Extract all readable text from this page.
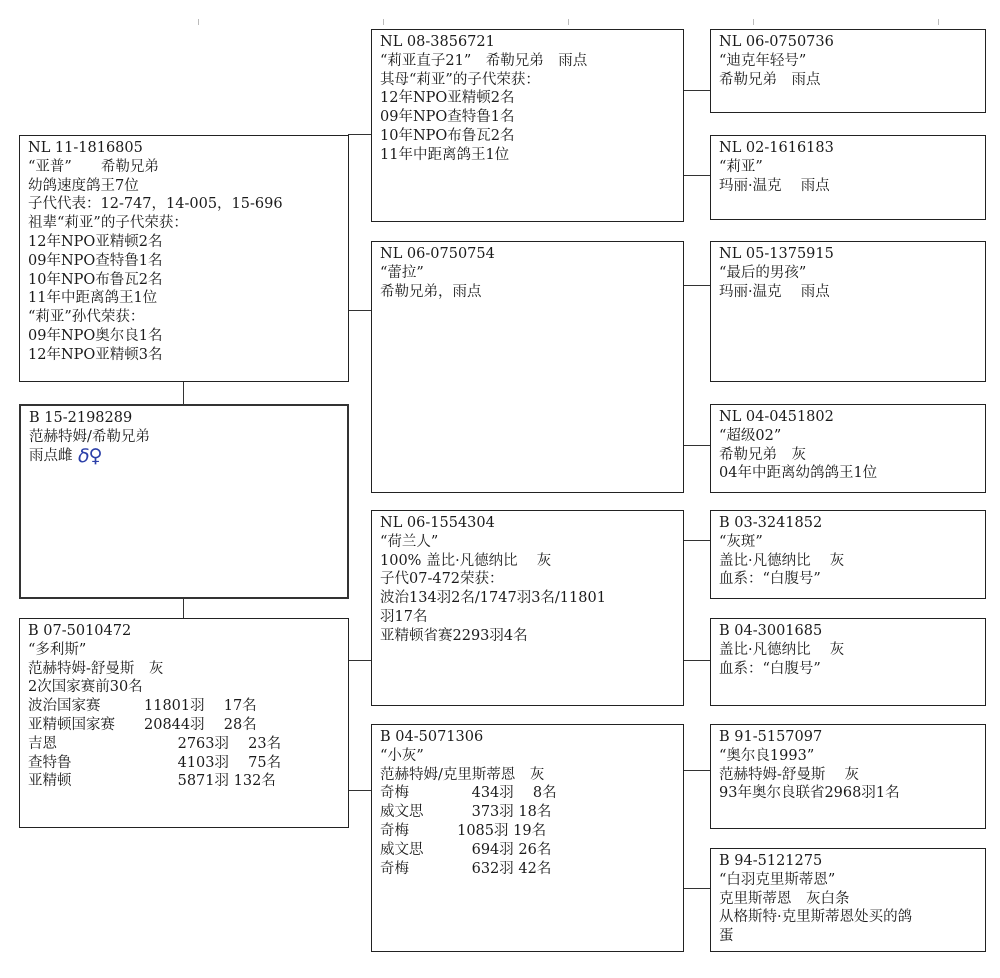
NL 11-1816805
“亚普”　　希勒兄弟
幼鸽速度鸽王7位
子代代表：12-747，14-005，15-696
祖辈“莉亚”的子代荣获：
12年NPO亚精顿2名
09年NPO查特鲁1名
10年NPO布鲁瓦2名
11年中距离鸽王1位
“莉亚”孙代荣获：
09年NPO奥尔良1名
12年NPO亚精顿3名
B 15-2198289
范赫特姆/希勒兄弟
雨点雌
B 07-5010472
“多利斯”
范赫特姆-舒曼斯　灰
2次国家赛前30名
波治国家赛　　　11801羽　 17名
亚精顿国家赛　　20844羽　 28名
吉恩　　　　　　　　 2763羽　 23名
查特鲁　　　　　　　 4103羽　 75名
亚精顿　　　　　　　 5871羽 132名
NL 08-3856721
“莉亚直子21”　希勒兄弟　雨点
其母“莉亚”的子代荣获：
12年NPO亚精顿2名
09年NPO查特鲁1名
10年NPO布鲁瓦2名
11年中距离鸽王1位
NL 06-0750754
“蕾拉”
希勒兄弟，雨点
NL 06-1554304
“荷兰人”
100% 盖比·凡德纳比　 灰
子代07-472荣获：
波治134羽2名/1747羽3名/11801
羽17名
亚精顿省赛2293羽4名
B 04-5071306
“小灰”
范赫特姆/克里斯蒂恩　灰
奇梅　　　　 434羽　 8名
威文思　　　 373羽 18名
奇梅　　　 1085羽 19名
威文思　　　 694羽 26名
奇梅　　　　 632羽 42名
NL 06-0750736
“迪克年轻号”
希勒兄弟　雨点
NL 02-1616183
“莉亚”
玛丽·温克　 雨点
NL 05-1375915
“最后的男孩”
玛丽·温克　 雨点
NL 04-0451802
“超级02”
希勒兄弟　灰
04年中距离幼鸽鸽王1位
B 03-3241852
“灰斑”
盖比·凡德纳比　 灰
血系：“白腹号”
B 04-3001685
盖比·凡德纳比　 灰
血系：“白腹号”
B 91-5157097
“奥尔良1993”
范赫特姆-舒曼斯　 灰
93年奥尔良联省2968羽1名
B 94-5121275
“白羽克里斯蒂恩”
克里斯蒂恩　灰白条
从格斯特·克里斯蒂恩处买的鸽
蛋
δ♀
